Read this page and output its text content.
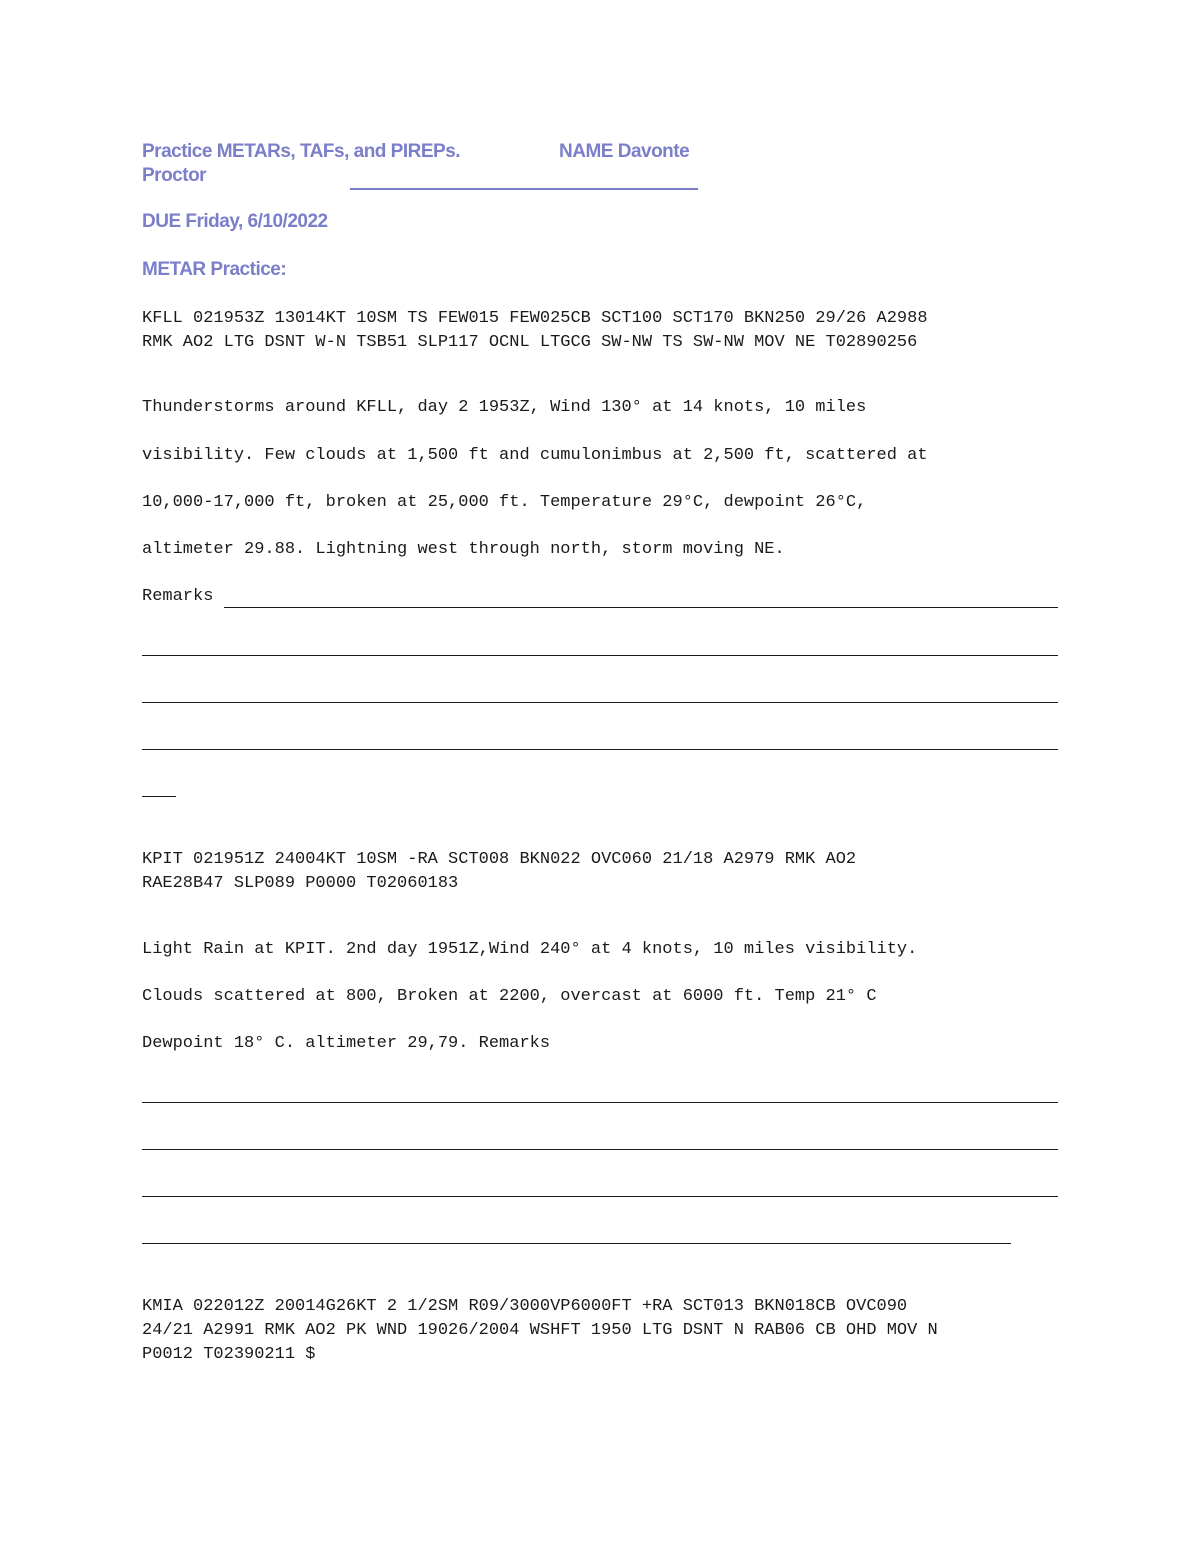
Practice METARs, TAFs, and PIREPs.	NAME Davonte
Proctor
DUE Friday, 6/10/2022
METAR Practice:
KFLL 021953Z 13014KT 10SM TS FEW015 FEW025CB SCT100 SCT170 BKN250 29/26 A2988
RMK AO2 LTG DSNT W-N TSB51 SLP117 OCNL LTGCG SW-NW TS SW-NW MOV NE T02890256
Thunderstorms around KFLL, day 2 1953Z, Wind 130° at 14 knots, 10 miles
visibility. Few clouds at 1,500 ft and cumulonimbus at 2,500 ft, scattered at
10,000-17,000 ft, broken at 25,000 ft. Temperature 29°C, dewpoint 26°C,
altimeter 29.88. Lightning west through north, storm moving NE.
Remarks
KPIT 021951Z 24004KT 10SM -RA SCT008 BKN022 OVC060 21/18 A2979 RMK AO2
RAE28B47 SLP089 P0000 T02060183
Light Rain at KPIT. 2nd day 1951Z,Wind 240° at 4 knots, 10 miles visibility.
Clouds scattered at 800, Broken at 2200, overcast at 6000 ft. Temp 21° C
Dewpoint 18° C. altimeter 29,79. Remarks
KMIA 022012Z 20014G26KT 2 1/2SM R09/3000VP6000FT +RA SCT013 BKN018CB OVC090
24/21 A2991 RMK AO2 PK WND 19026/2004 WSHFT 1950 LTG DSNT N RAB06 CB OHD MOV N
P0012 T02390211 $
